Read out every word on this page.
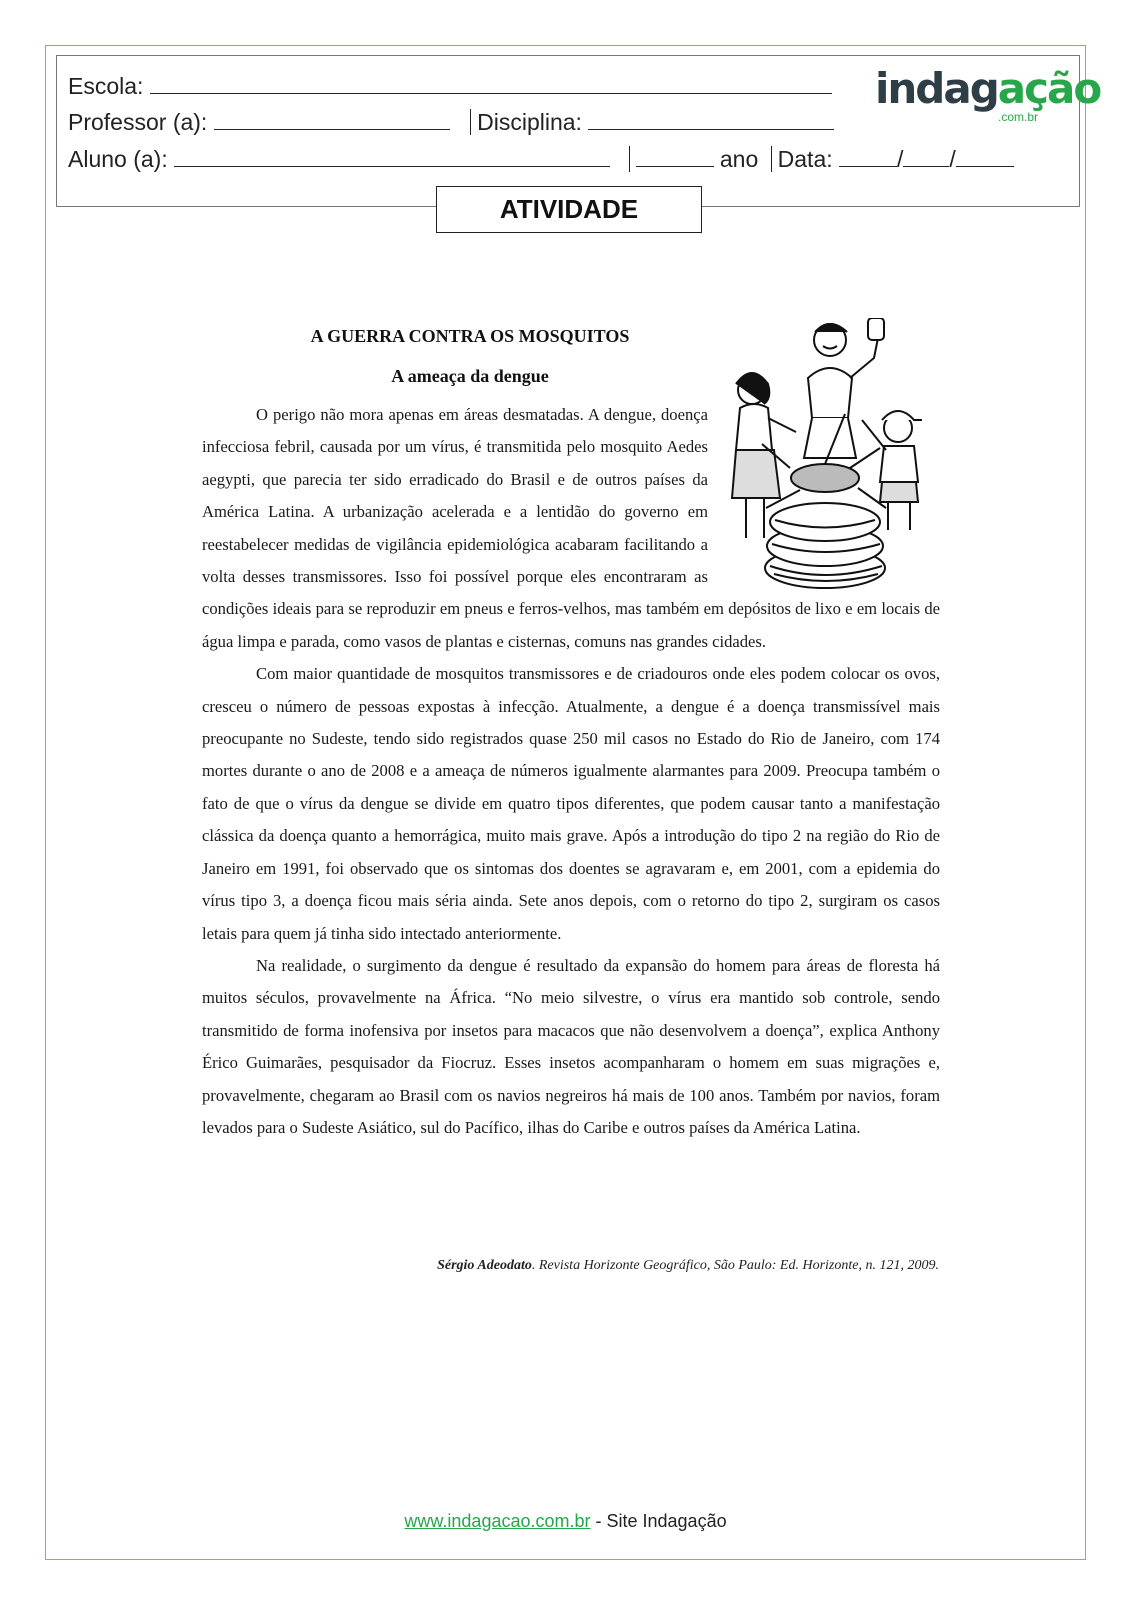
Escola:
Professor (a):	Disciplina:
Aluno (a):	ano Data:	/ /
indagação
.com.br
ATIVIDADE
A GUERRA CONTRA OS MOSQUITOS
A ameaça da dengue

O perigo não mora apenas em áreas desmatadas. A dengue, doença infecciosa febril, causada por um vírus, é transmitida pelo mosquito Aedes aegypti, que parecia ter sido erradicado do Brasil e de outros países da América Latina. A urbanização acelerada e a lentidão do governo em reestabelecer medidas de vigilância epidemiológica acabaram facilitando a volta desses transmissores. Isso foi possível porque eles encontraram as condições ideais para se reproduzir em pneus e ferros-velhos, mas também em depósitos de lixo e em locais de água limpa e parada, como vasos de plantas e cisternas, comuns nas grandes cidades.

Com maior quantidade de mosquitos transmissores e de criadouros onde eles podem colocar os ovos, cresceu o número de pessoas expostas à infecção. Atualmente, a dengue é a doença transmissível mais preocupante no Sudeste, tendo sido registrados quase 250 mil casos no Estado do Rio de Janeiro, com 174 mortes durante o ano de 2008 e a ameaça de números igualmente alarmantes para 2009. Preocupa também o fato de que o vírus da dengue se divide em quatro tipos diferentes, que podem causar tanto a manifestação clássica da doença quanto a hemorrágica, muito mais grave. Após a introdução do tipo 2 na região do Rio de Janeiro em 1991, foi observado que os sintomas dos doentes se agravaram e, em 2001, com a epidemia do vírus tipo 3, a doença ficou mais séria ainda. Sete anos depois, com o retorno do tipo 2, surgiram os casos letais para quem já tinha sido intectado anteriormente.

Na realidade, o surgimento da dengue é resultado da expansão do homem para áreas de floresta há muitos séculos, provavelmente na África. “No meio silvestre, o vírus era mantido sob controle, sendo transmitido de forma inofensiva por insetos para macacos que não desenvolvem a doença”, explica Anthony Érico Guimarães, pesquisador da Fiocruz. Esses insetos acompanharam o homem em suas migrações e, provavelmente, chegaram ao Brasil com os navios negreiros há mais de 100 anos. Também por navios, foram levados para o Sudeste Asiático, sul do Pacífico, ilhas do Caribe e outros países da América Latina.

Sérgio Adeodato. Revista Horizonte Geográfico, São Paulo: Ed. Horizonte, n. 121, 2009.
www.indagacao.com.br - Site Indagação
